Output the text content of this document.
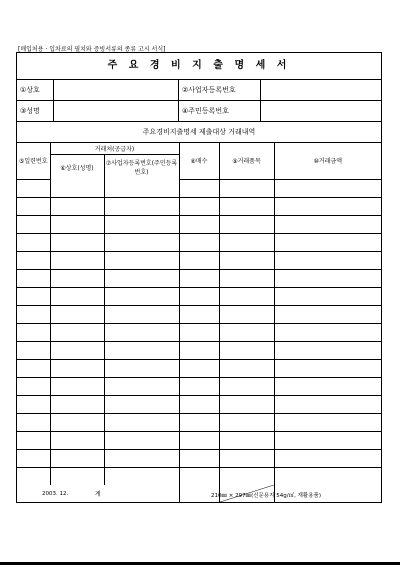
[매입처용 · 입차료의 필치와 증빙서류의 종류 고시 서식]
주 요 경 비 지 출 명 세 서
①상호	②사업자등록번호
③성명	④주민등록번호
주요경비지출명세 제출대상 거래내역
⑤일련번호	거래처(공급자)		⑧매수	⑨거래품목	⑩거래금액
	⑥상호(성명)	⑦사업자등록번호(주민등록번호)			

계		

2003. 12.	210㎜ × 297㎜(신문용지 54g/㎡, 재활용품)
